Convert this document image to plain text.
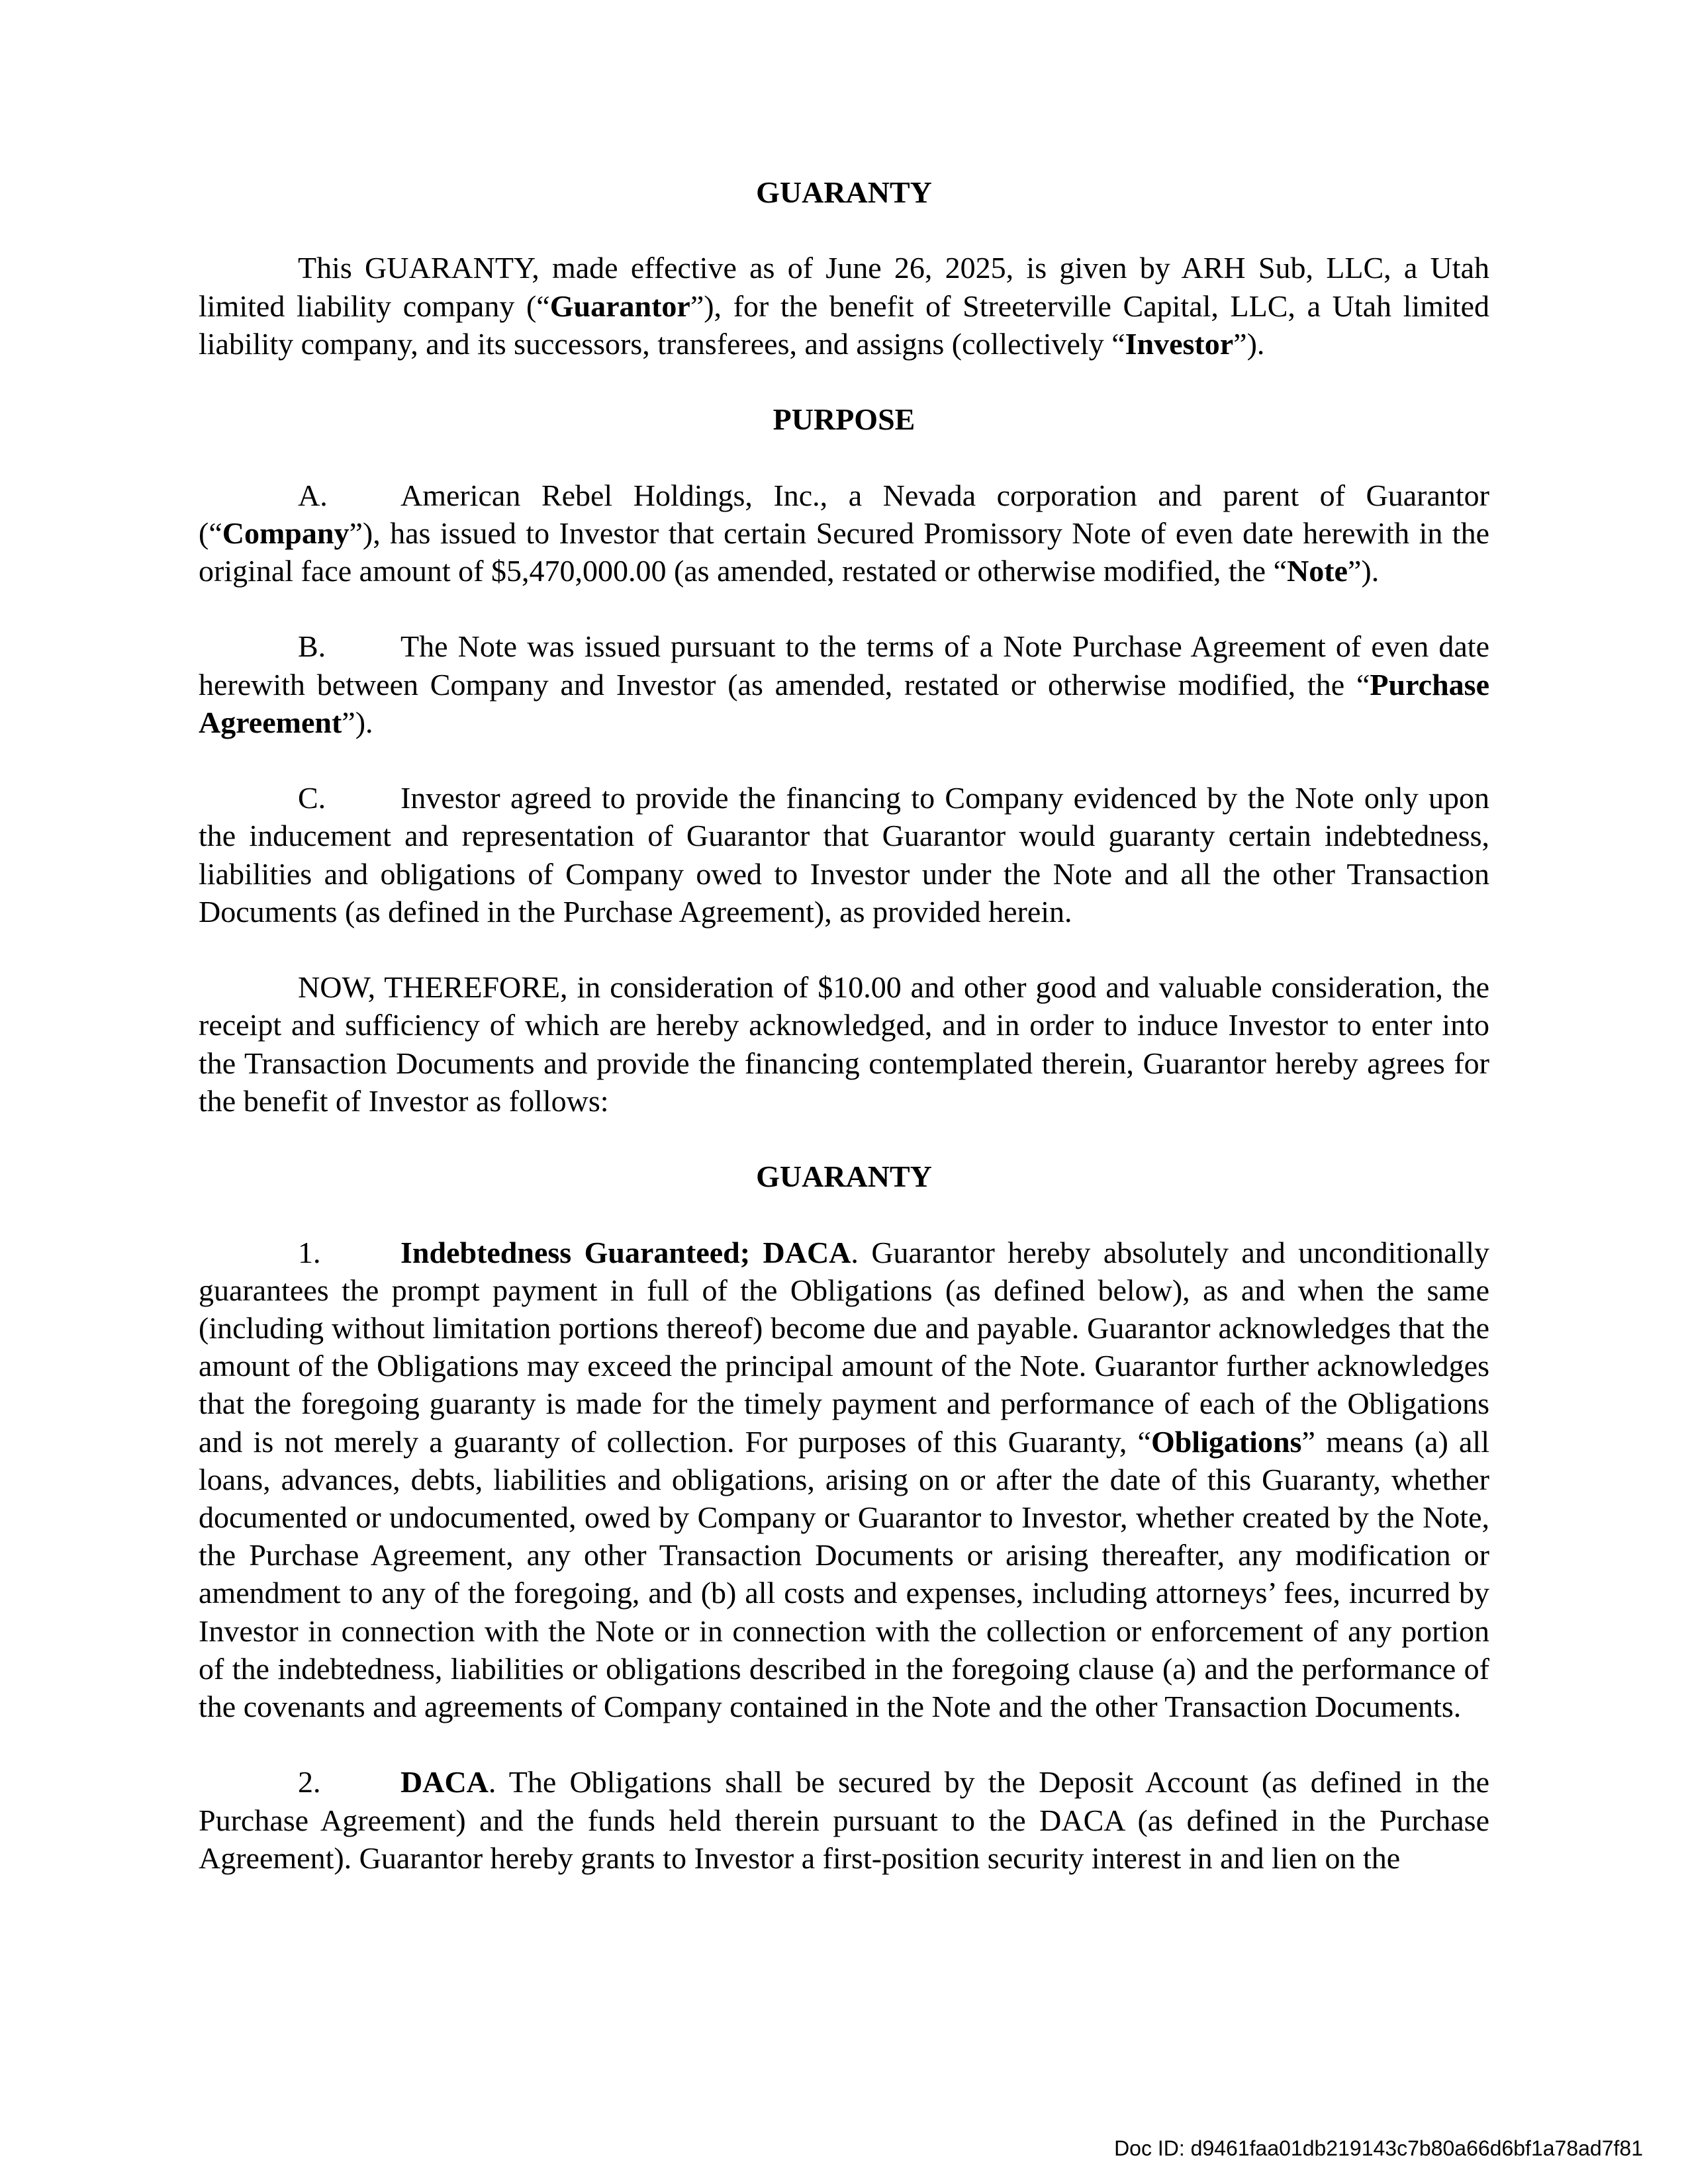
GUARANTY

This GUARANTY, made effective as of June 26, 2025, is given by ARH Sub, LLC, a Utah limited liability company (“Guarantor”), for the benefit of Streeterville Capital, LLC, a Utah limited liability company, and its successors, transferees, and assigns (collectively “Investor”).

PURPOSE

A. American Rebel Holdings, Inc., a Nevada corporation and parent of Guarantor (“Company”), has issued to Investor that certain Secured Promissory Note of even date herewith in the original face amount of $5,470,000.00 (as amended, restated or otherwise modified, the “Note”).

B. The Note was issued pursuant to the terms of a Note Purchase Agreement of even date herewith between Company and Investor (as amended, restated or otherwise modified, the “Purchase Agreement”).

C. Investor agreed to provide the financing to Company evidenced by the Note only upon the inducement and representation of Guarantor that Guarantor would guaranty certain indebtedness, liabilities and obligations of Company owed to Investor under the Note and all the other Transaction Documents (as defined in the Purchase Agreement), as provided herein.

NOW, THEREFORE, in consideration of $10.00 and other good and valuable consideration, the receipt and sufficiency of which are hereby acknowledged, and in order to induce Investor to enter into the Transaction Documents and provide the financing contemplated therein, Guarantor hereby agrees for the benefit of Investor as follows:

GUARANTY

1.	Indebtedness Guaranteed; DACA. Guarantor hereby absolutely and unconditionally guarantees the prompt payment in full of the Obligations (as defined below), as and when the same (including without limitation portions thereof) become due and payable. Guarantor acknowledges that the amount of the Obligations may exceed the principal amount of the Note. Guarantor further acknowledges that the foregoing guaranty is made for the timely payment and performance of each of the Obligations and is not merely a guaranty of collection. For purposes of this Guaranty, “Obligations” means (a) all loans, advances, debts, liabilities and obligations, arising on or after the date of this Guaranty, whether documented or undocumented, owed by Company or Guarantor to Investor, whether created by the Note, the Purchase Agreement, any other Transaction Documents or arising thereafter, any modification or amendment to any of the foregoing, and (b) all costs and expenses, including attorneys’ fees, incurred by Investor in connection with the Note or in connection with the collection or enforcement of any portion of the indebtedness, liabilities or obligations described in the foregoing clause (a) and the performance of the covenants and agreements of Company contained in the Note and the other Transaction Documents.

2.	DACA. The Obligations shall be secured by the Deposit Account (as defined in the Purchase Agreement) and the funds held therein pursuant to the DACA (as defined in the Purchase Agreement). Guarantor hereby grants to Investor a first-position security interest in and lien on the

Doc ID: d9461faa01db219143c7b80a66d6bf1a78ad7f81
